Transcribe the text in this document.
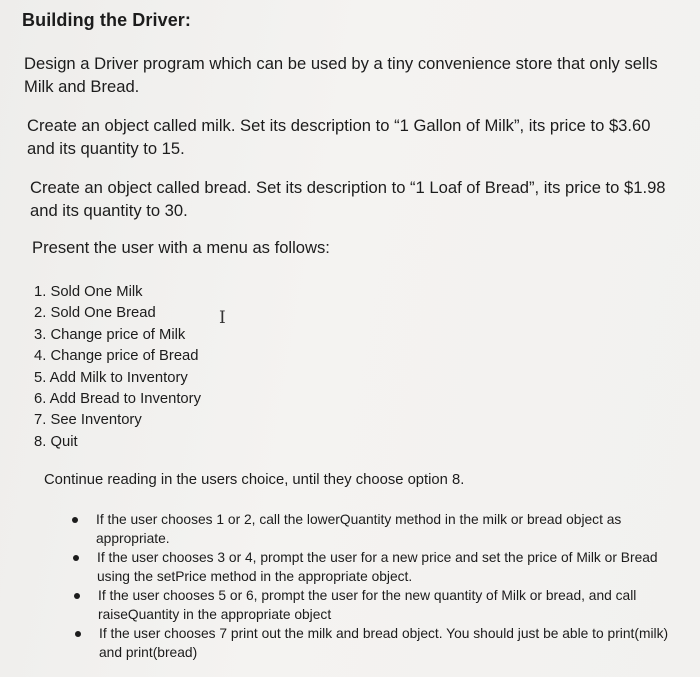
Building the Driver:
Design a Driver program which can be used by a tiny convenience store that only sells Milk and Bread.
Create an object called milk. Set its description to “1 Gallon of Milk”, its price to $3.60 and its quantity to 15.
Create an object called bread. Set its description to “1 Loaf of Bread”, its price to $1.98 and its quantity to 30.
Present the user with a menu as follows:
1. Sold One Milk
2. Sold One Bread
3. Change price of Milk
4. Change price of Bread
5. Add Milk to Inventory
6. Add Bread to Inventory
7. See Inventory
8. Quit
I
Continue reading in the users choice, until they choose option 8.
If the user chooses 1 or 2, call the lowerQuantity method in the milk or bread object as appropriate.
If the user chooses 3 or 4, prompt the user for a new price and set the price of Milk or Bread using the setPrice method in the appropriate object.
If the user chooses 5 or 6, prompt the user for the new quantity of Milk or bread, and call raiseQuantity in the appropriate object
If the user chooses 7 print out the milk and bread object. You should just be able to print(milk) and print(bread)
